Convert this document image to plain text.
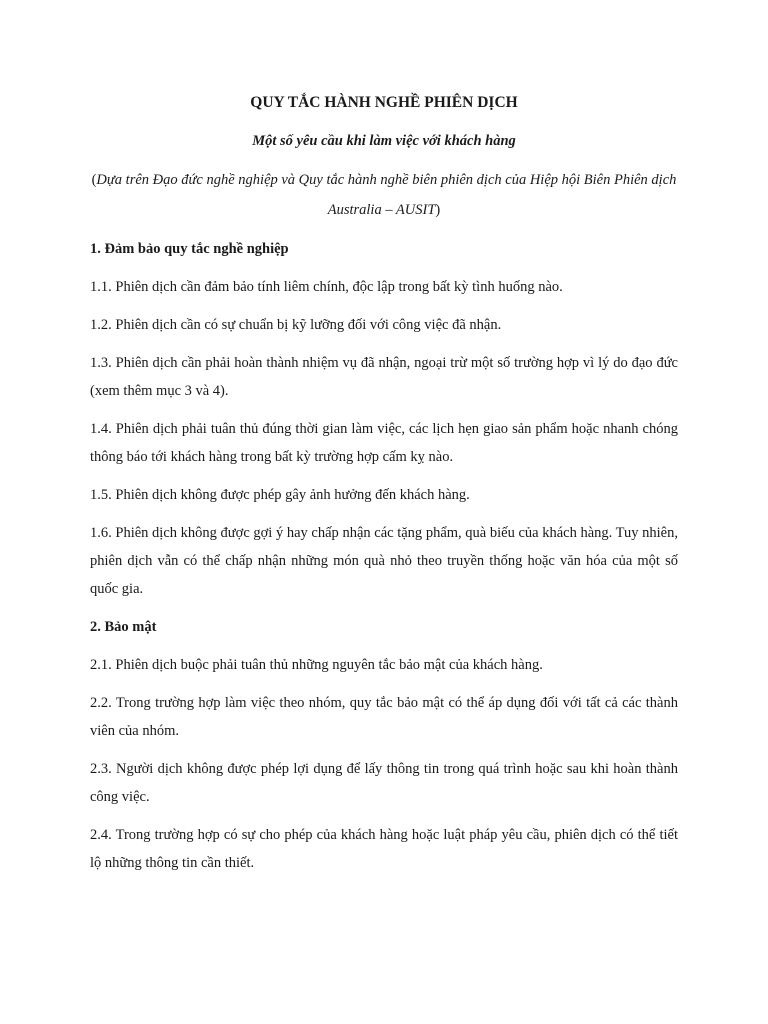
QUY TẮC HÀNH NGHỀ PHIÊN DỊCH

Một số yêu cầu khi làm việc với khách hàng

(Dựa trên Đạo đức nghề nghiệp và Quy tắc hành nghề biên phiên dịch của Hiệp hội Biên Phiên dịch Australia – AUSIT)

1. Đảm bảo quy tắc nghề nghiệp

1.1. Phiên dịch cần đảm bảo tính liêm chính, độc lập trong bất kỳ tình huống nào.

1.2. Phiên dịch cần có sự chuẩn bị kỹ lưỡng đối với công việc đã nhận.

1.3. Phiên dịch cần phải hoàn thành nhiệm vụ đã nhận, ngoại trừ một số trường hợp vì lý do đạo đức (xem thêm mục 3 và 4).

1.4. Phiên dịch phải tuân thủ đúng thời gian làm việc, các lịch hẹn giao sản phẩm hoặc nhanh chóng thông báo tới khách hàng trong bất kỳ trường hợp cấm kỵ nào.

1.5. Phiên dịch không được phép gây ảnh hưởng đến khách hàng.

1.6. Phiên dịch không được gợi ý hay chấp nhận các tặng phẩm, quà biếu của khách hàng. Tuy nhiên, phiên dịch vẫn có thể chấp nhận những món quà nhỏ theo truyền thống hoặc văn hóa của một số quốc gia.

2. Bảo mật

2.1. Phiên dịch buộc phải tuân thủ những nguyên tắc bảo mật của khách hàng.

2.2. Trong trường hợp làm việc theo nhóm, quy tắc bảo mật có thể áp dụng đối với tất cả các thành viên của nhóm.

2.3. Người dịch không được phép lợi dụng để lấy thông tin trong quá trình hoặc sau khi hoàn thành công việc.

2.4. Trong trường hợp có sự cho phép của khách hàng hoặc luật pháp yêu cầu, phiên dịch có thể tiết lộ những thông tin cần thiết.
